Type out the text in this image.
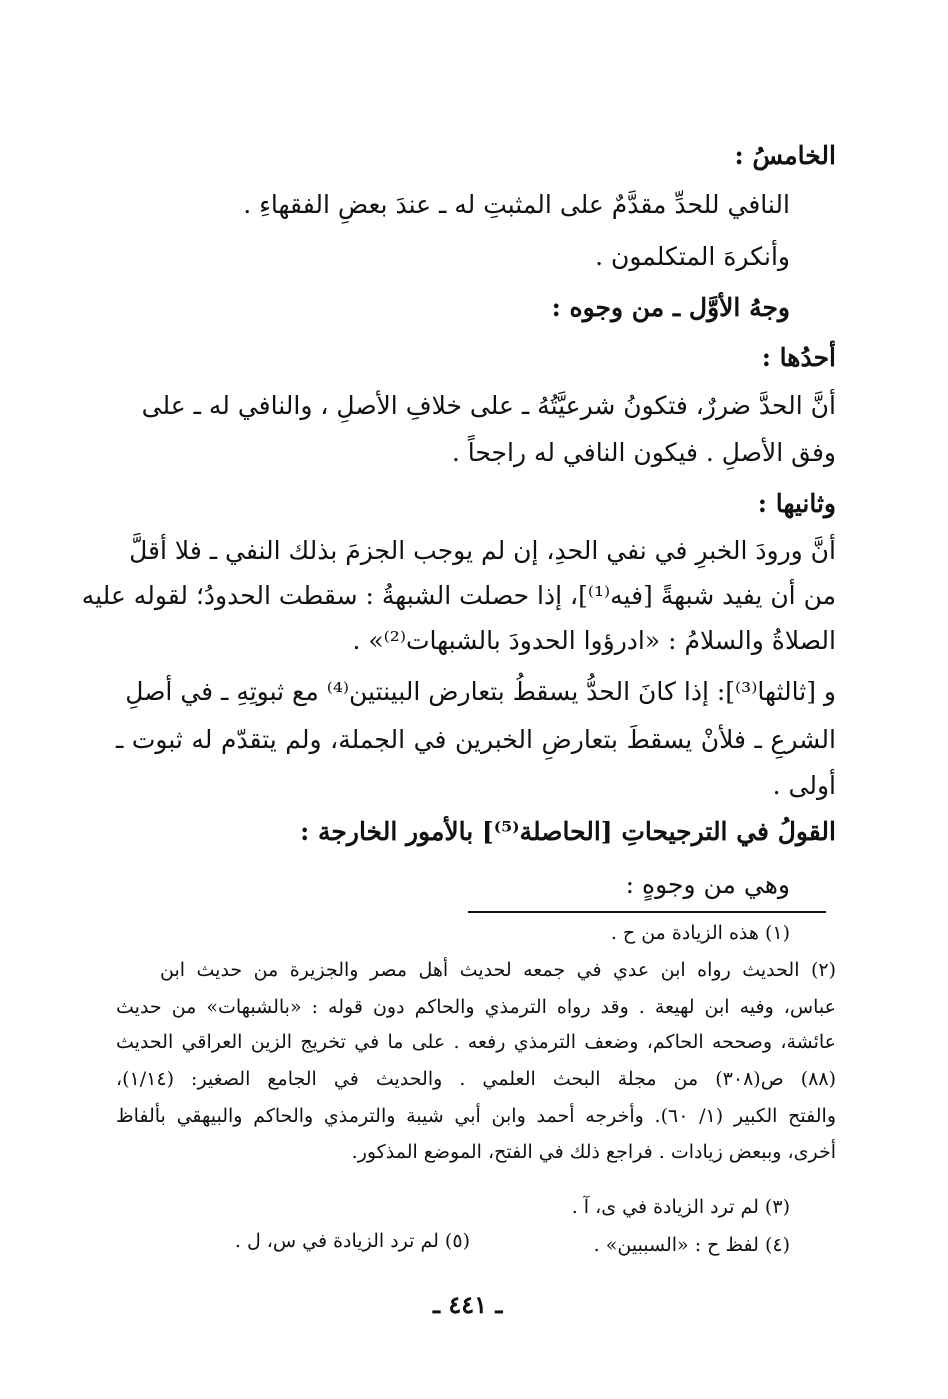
الخامسُ :
النافي للحدِّ مقدَّمٌ على المثبتِ له ـ عندَ بعضِ الفقهاءِ .
وأنكرهَ المتكلمون .
وجهُ الأوَّل ـ من وجوه :
أحدُها :
أنَّ الحدَّ ضررٌ، فتكونُ شرعيَّتُهُ ـ على خلافِ الأصلِ ، والنافي له ـ على
وفق الأصلِ . فيكون النافي له راجحاً .
وثانيها :
أنَّ ورودَ الخبرِ في نفي الحدِ، إن لم يوجب الجزمَ بذلك النفي ـ فلا أقلَّ
من أن يفيد شبهةً [فيه⁽¹⁾]، إذا حصلت الشبهةُ : سقطت الحدودُ؛ لقوله عليه
الصلاةُ والسلامُ : «ادرؤوا الحدودَ بالشبهات⁽²⁾» .
و [ثالثها⁽³⁾]: إذا كانَ الحدُّ يسقطُ بتعارض البينتين⁽⁴⁾ مع ثبوتِهِ ـ في أصلِ
الشرعِ ـ فلأنْ يسقطَ بتعارضِ الخبرين في الجملة، ولم يتقدّم له ثبوت ـ
أولى .
القولُ في الترجيحاتِ [الحاصلة⁽⁵⁾] بالأمور الخارجة :
وهي من وجوهٍ :
(١) هذه الزيادة من ح .
(٢) الحديث رواه ابن عدي في جمعه لحديث أهل مصر والجزيرة من حديث ابن
عباس، وفيه ابن لهيعة . وقد رواه الترمذي والحاكم دون قوله : «بالشبهات» من حديث
عائشة، وصححه الحاكم، وضعف الترمذي رفعه . على ما في تخريج الزين العراقي الحديث
(٨٨) ص(٣٠٨) من مجلة البحث العلمي . والحديث في الجامع الصغير: (١/١٤)،
والفتح الكبير (١/ ٦٠). وأخرجه أحمد وابن أبي شيبة والترمذي والحاكم والبيهقي بألفاظ
أخرى، وببعض زيادات . فراجع ذلك في الفتح، الموضع المذكور.
(٣) لم ترد الزيادة في ى، آ .
(٤) لفظ ح : «السببين» .
(٥) لم ترد الزيادة في س، ل .
ـ ٤٤١ ـ
